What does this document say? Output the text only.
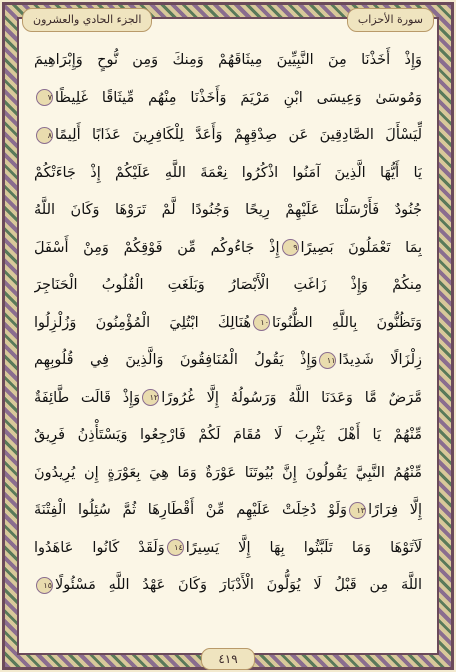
الجزء الحادي والعشرون	سورة الأحزاب
وَإِذْ أَخَذْنَا مِنَ النَّبِيِّينَ مِيثَاقَهُمْ وَمِنكَ وَمِن نُّوحٍ وَإِبْرَاهِيمَ
وَمُوسَىٰ وَعِيسَى ابْنِ مَرْيَمَ وَأَخَذْنَا مِنْهُم مِّيثَاقًا غَلِيظًا٧
لِّيَسْأَلَ الصَّادِقِينَ عَن صِدْقِهِمْ وَأَعَدَّ لِلْكَافِرِينَ عَذَابًا أَلِيمًا٨
يَا أَيُّهَا الَّذِينَ آمَنُوا اذْكُرُوا نِعْمَةَ اللَّهِ عَلَيْكُمْ إِذْ جَاءَتْكُمْ
جُنُودٌ فَأَرْسَلْنَا عَلَيْهِمْ رِيحًا وَجُنُودًا لَّمْ تَرَوْهَا وَكَانَ اللَّهُ
بِمَا تَعْمَلُونَ بَصِيرًا٩إِذْ جَاءُوكُم مِّن فَوْقِكُمْ وَمِنْ أَسْفَلَ
مِنكُمْ وَإِذْ زَاغَتِ الْأَبْصَارُ وَبَلَغَتِ الْقُلُوبُ الْحَنَاجِرَ
وَتَظُنُّونَ بِاللَّهِ الظُّنُونَا١٠هُنَالِكَ ابْتُلِيَ الْمُؤْمِنُونَ وَزُلْزِلُوا
زِلْزَالًا شَدِيدًا١١وَإِذْ يَقُولُ الْمُنَافِقُونَ وَالَّذِينَ فِي قُلُوبِهِم
مَّرَضٌ مَّا وَعَدَنَا اللَّهُ وَرَسُولُهُ إِلَّا غُرُورًا١٢وَإِذْ قَالَت طَّائِفَةٌ
مِّنْهُمْ يَا أَهْلَ يَثْرِبَ لَا مُقَامَ لَكُمْ فَارْجِعُوا وَيَسْتَأْذِنُ فَرِيقٌ
مِّنْهُمُ النَّبِيَّ يَقُولُونَ إِنَّ بُيُوتَنَا عَوْرَةٌ وَمَا هِيَ بِعَوْرَةٍ إِن يُرِيدُونَ
إِلَّا فِرَارًا١٣وَلَوْ دُخِلَتْ عَلَيْهِم مِّنْ أَقْطَارِهَا ثُمَّ سُئِلُوا الْفِتْنَةَ
لَآتَوْهَا وَمَا تَلَبَّثُوا بِهَا إِلَّا يَسِيرًا١٤وَلَقَدْ كَانُوا عَاهَدُوا
اللَّهَ مِن قَبْلُ لَا يُوَلُّونَ الْأَدْبَارَ وَكَانَ عَهْدُ اللَّهِ مَسْئُولًا١٥
٤١٩
